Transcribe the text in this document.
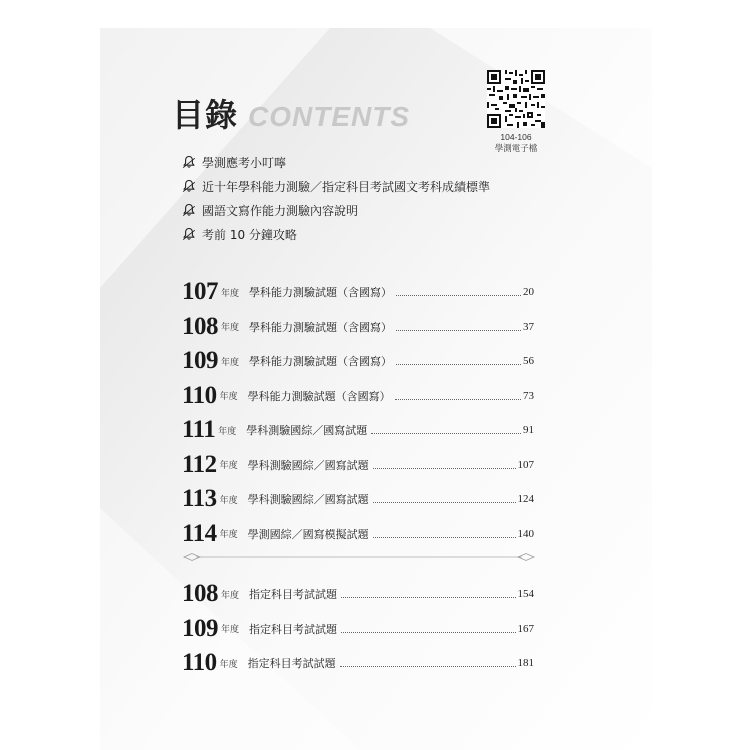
目錄 CONTENTS
104-106
學測電子檔
學測應考小叮嚀
近十年學科能力測驗／指定科目考試國文考科成績標準
國語文寫作能力測驗內容說明
考前 10 分鐘攻略
107 年度 學科能力測驗試題（含國寫）	20
108 年度 學科能力測驗試題（含國寫）	37
109 年度 學科能力測驗試題（含國寫）	56
110 年度 學科能力測驗試題（含國寫）	73
111 年度 學科測驗國綜／國寫試題	91
112 年度 學科測驗國綜／國寫試題	107
113 年度 學科測驗國綜／國寫試題	124
114 年度 學測國綜／國寫模擬試題	140
108 年度 指定科目考試試題	154
109 年度 指定科目考試試題	167
110 年度 指定科目考試試題	181
